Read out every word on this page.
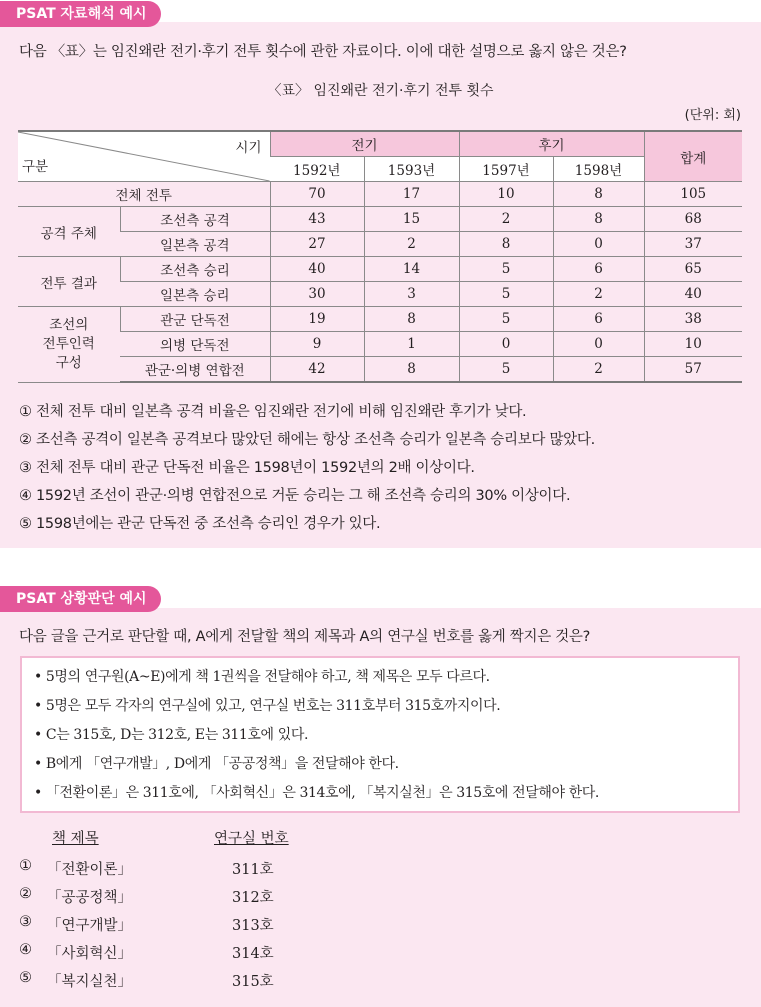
PSAT 자료해석 예시
다음 〈표〉는 임진왜란 전기·후기 전투 횟수에 관한 자료이다. 이에 대한 설명으로 옳지 않은 것은?
〈표〉 임진왜란 전기·후기 전투 횟수
(단위: 회)
시기
구분		전기		후기		합계
		1592년	1593년	1597년	1598년	
전체 전투		70	17	10	8	105
공격 주체	조선측 공격	43	15	2	8	68
	일본측 공격	27	2	8	0	37
전투 결과	조선측 승리	40	14	5	6	65
	일본측 승리	30	3	5	2	40

조선의
전투인력
구성	관군 단독전	19	8	5	6	38
	의병 단독전	9	1	0	0	10
	관군·의병 연합전	42	8	5	2	57
① 전체 전투 대비 일본측 공격 비율은 임진왜란 전기에 비해 임진왜란 후기가 낮다.
② 조선측 공격이 일본측 공격보다 많았던 해에는 항상 조선측 승리가 일본측 승리보다 많았다.
③ 전체 전투 대비 관군 단독전 비율은 1598년이 1592년의 2배 이상이다.
④ 1592년 조선이 관군·의병 연합전으로 거둔 승리는 그 해 조선측 승리의 30% 이상이다.
⑤ 1598년에는 관군 단독전 중 조선측 승리인 경우가 있다.
PSAT 상황판단 예시
다음 글을 근거로 판단할 때, A에게 전달할 책의 제목과 A의 연구실 번호를 옳게 짝지은 것은?
• 5명의 연구원(A~E)에게 책 1권씩을 전달해야 하고, 책 제목은 모두 다르다.
• 5명은 모두 각자의 연구실에 있고, 연구실 번호는 311호부터 315호까지이다.
• C는 315호, D는 312호, E는 311호에 있다.
• B에게 「연구개발」, D에게 「공공정책」을 전달해야 한다.
• 「전환이론」은 311호에, 「사회혁신」은 314호에, 「복지실천」은 315호에 전달해야 한다.
책 제목	연구실 번호
① 「전환이론」	311호
② 「공공정책」	312호
③ 「연구개발」	313호
④ 「사회혁신」	314호
⑤ 「복지실천」	315호
